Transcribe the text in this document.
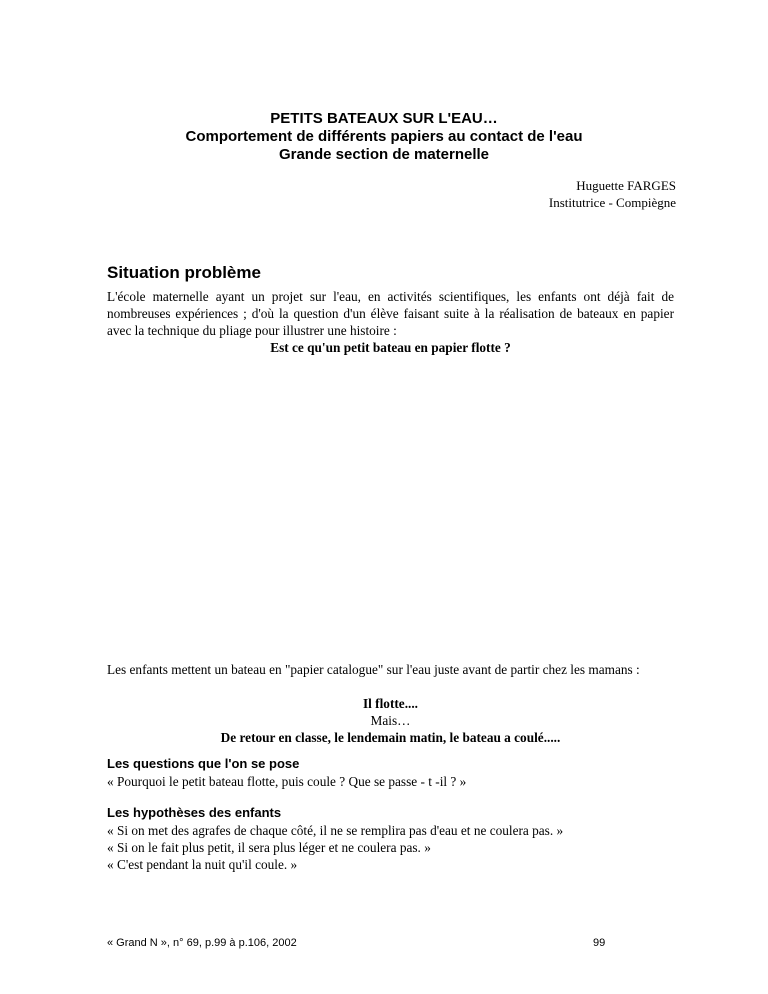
PETITS BATEAUX SUR L'EAU…
Comportement de différents papiers au contact de l'eau
Grande section de maternelle
Huguette FARGES
Institutrice - Compiègne
Situation problème
L'école maternelle ayant un projet sur l'eau, en activités scientifiques, les enfants ont déjà fait de nombreuses expériences ; d'où la question d'un élève faisant suite à la réalisation de bateaux en papier avec la technique du pliage pour illustrer une histoire :
Est ce qu'un petit bateau en papier flotte ?
Les enfants mettent un bateau en "papier catalogue" sur l'eau juste avant de partir chez les mamans :
Il flotte....
Mais…
De retour en classe, le lendemain matin, le bateau a coulé.....
Les questions que l'on se pose
« Pourquoi le petit bateau flotte, puis coule ? Que se passe - t -il ? »
Les hypothèses des enfants
« Si on met des agrafes de chaque côté, il ne se remplira pas d'eau et ne coulera pas. »
« Si on le fait plus petit, il sera plus léger et ne coulera pas. »
« C'est pendant la nuit qu'il coule. »
« Grand N », n° 69, p.99 à p.106, 2002	99
